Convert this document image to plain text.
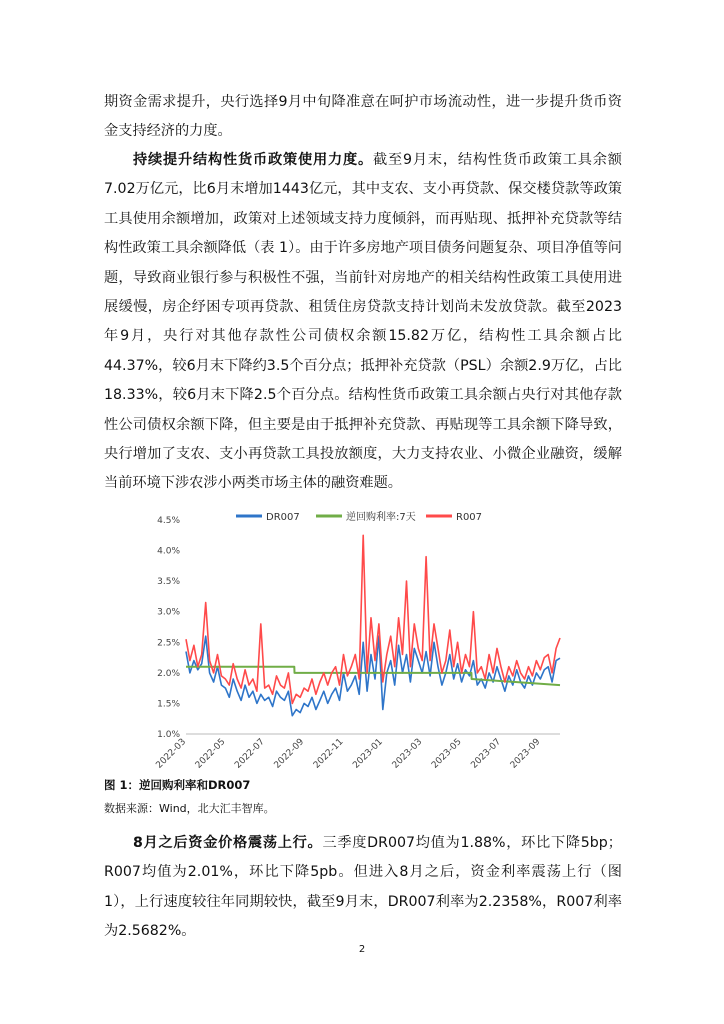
期资金需求提升，央行选择9月中旬降准意在呵护市场流动性，进一步提升货币资金支持经济的力度。

持续提升结构性货币政策使用力度。截至9月末，结构性货币政策工具余额7.02万亿元，比6月末增加1443亿元，其中支农、支小再贷款、保交楼贷款等政策工具使用余额增加，政策对上述领域支持力度倾斜，而再贴现、抵押补充贷款等结构性政策工具余额降低（表 1）。由于许多房地产项目债务问题复杂、项目净值等问题，导致商业银行参与积极性不强，当前针对房地产的相关结构性政策工具使用进展缓慢，房企纾困专项再贷款、租赁住房贷款支持计划尚未发放贷款。截至2023年9月，央行对其他存款性公司债权余额15.82万亿，结构性工具余额占比44.37%，较6月末下降约3.5个百分点；抵押补充贷款（PSL）余额2.9万亿，占比18.33%，较6月末下降2.5个百分点。结构性货币政策工具余额占央行对其他存款性公司债权余额下降，但主要是由于抵押补充贷款、再贴现等工具余额下降导致，央行增加了支农、支小再贷款工具投放额度，大力支持农业、小微企业融资，缓解当前环境下涉农涉小两类市场主体的融资难题。

1.0%
1.5%
2.0%
2.5%
3.0%
3.5%
4.0%
4.5%
2022-03 2022-05 2022-07 2022-09 2022-11 2023-01 2023-03 2023-05 2023-07 2023-09
DR007	逆回购利率:7天	R007

图 1：逆回购利率和DR007

数据来源：Wind，北大汇丰智库。

8月之后资金价格震荡上行。三季度DR007均值为1.88%，环比下降5bp；R007均值为2.01%，环比下降5pb。但进入8月之后，资金利率震荡上行（图 1），上行速度较往年同期较快，截至9月末，DR007利率为2.2358%，R007利率为2.5682%。

2
